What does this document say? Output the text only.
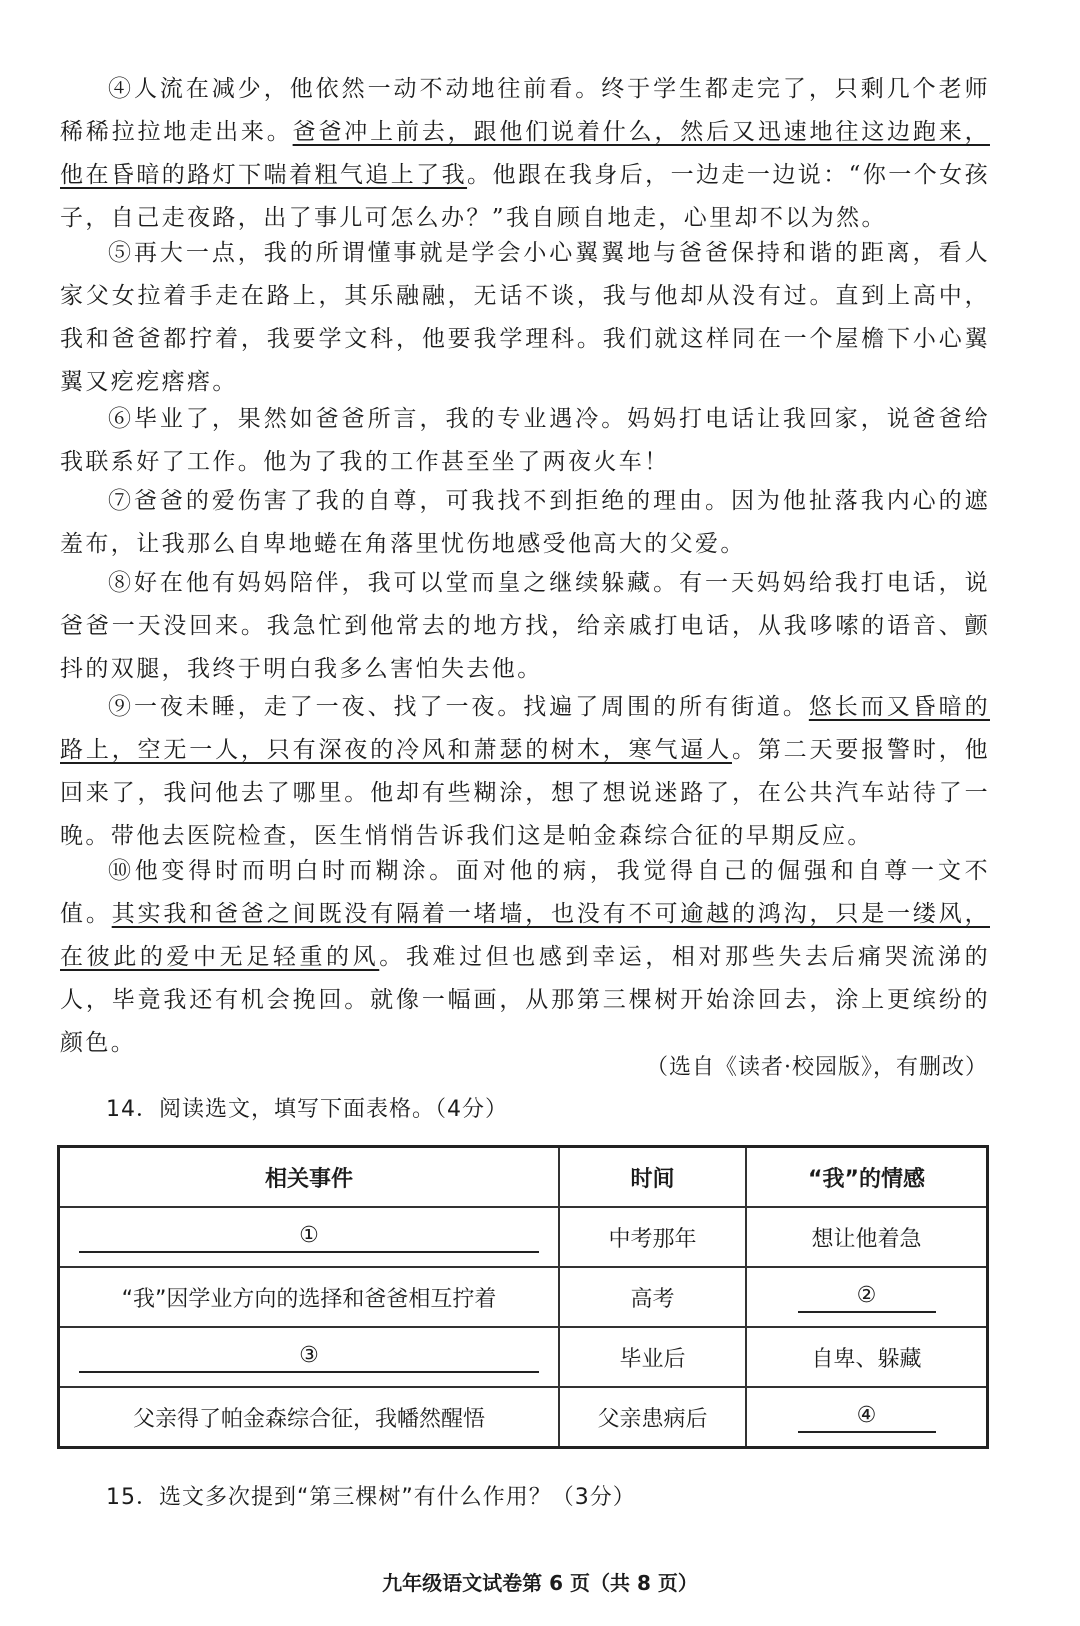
④人流在减少，他依然一动不动地往前看。终于学生都走完了，只剩几个老师稀稀拉拉地走出来。爸爸冲上前去，跟他们说着什么，然后又迅速地往这边跑来，他在昏暗的路灯下喘着粗气追上了我。他跟在我身后，一边走一边说：“你一个女孩子，自己走夜路，出了事儿可怎么办？”我自顾自地走，心里却不以为然。

⑤再大一点，我的所谓懂事就是学会小心翼翼地与爸爸保持和谐的距离，看人家父女拉着手走在路上，其乐融融，无话不谈，我与他却从没有过。直到上高中，我和爸爸都拧着，我要学文科，他要我学理科。我们就这样同在一个屋檐下小心翼翼又疙疙瘩瘩。

⑥毕业了，果然如爸爸所言，我的专业遇冷。妈妈打电话让我回家，说爸爸给我联系好了工作。他为了我的工作甚至坐了两夜火车！

⑦爸爸的爱伤害了我的自尊，可我找不到拒绝的理由。因为他扯落我内心的遮羞布，让我那么自卑地蜷在角落里忧伤地感受他高大的父爱。

⑧好在他有妈妈陪伴，我可以堂而皇之继续躲藏。有一天妈妈给我打电话，说爸爸一天没回来。我急忙到他常去的地方找，给亲戚打电话，从我哆嗦的语音、颤抖的双腿，我终于明白我多么害怕失去他。

⑨一夜未睡，走了一夜、找了一夜。找遍了周围的所有街道。悠长而又昏暗的路上，空无一人，只有深夜的冷风和萧瑟的树木，寒气逼人。第二天要报警时，他回来了，我问他去了哪里。他却有些糊涂，想了想说迷路了，在公共汽车站待了一晚。带他去医院检查，医生悄悄告诉我们这是帕金森综合征的早期反应。

⑩他变得时而明白时而糊涂。面对他的病，我觉得自己的倔强和自尊一文不值。其实我和爸爸之间既没有隔着一堵墙，也没有不可逾越的鸿沟，只是一缕风，在彼此的爱中无足轻重的风。我难过但也感到幸运，相对那些失去后痛哭流涕的人，毕竟我还有机会挽回。就像一幅画，从那第三棵树开始涂回去，涂上更缤纷的颜色。

（选自《读者·校园版》，有删改）
14．阅读选文，填写下面表格。（4分）
相关事件	时间	“我”的情感
①	中考那年	想让他着急
“我”因学业方向的选择和爸爸相互拧着	高考	②
③	毕业后	自卑、躲藏
父亲得了帕金森综合征，我幡然醒悟	父亲患病后	④
15．选文多次提到“第三棵树”有什么作用？（3分）
九年级语文试卷第 6 页（共 8 页）
